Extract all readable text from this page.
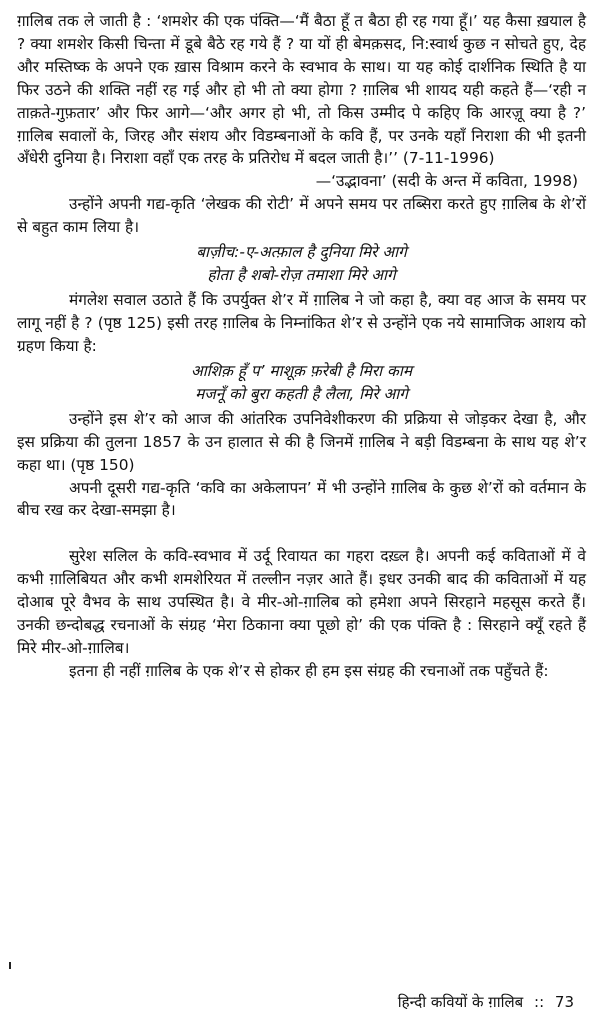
ग़ालिब तक ले जाती है : ‘शमशेर की एक पंक्ति—‘मैं बैठा हूँ त बैठा ही रह गया हूँ।’ यह कैसा ख़याल है ? क्या शमशेर किसी चिन्ता में डूबे बैठे रह गये हैं ? या यों ही बेमक़सद, नि:स्वार्थ कुछ न सोचते हुए, देह और मस्तिष्क के अपने एक ख़ास विश्राम करने के स्वभाव के साथ। या यह कोई दार्शनिक स्थिति है या फिर उठने की शक्ति नहीं रह गई और हो भी तो क्या होगा ? ग़ालिब भी शायद यही कहते हैं—‘रही न ताक़ते-गुफ़तार’ और फिर आगे—‘और अगर हो भी, तो किस उम्मीद पे कहिए कि आरज़ू क्या है ?’ ग़ालिब सवालों के, जिरह और संशय और विडम्बनाओं के कवि हैं, पर उनके यहाँ निराशा की भी इतनी अँधेरी दुनिया है। निराशा वहाँ एक तरह के प्रतिरोध में बदल जाती है।’’ (7-11-1996)

—‘उद्भावना’ (सदी के अन्त में कविता, 1998)

उन्होंने अपनी गद्य-कृति ‘लेखक की रोटी’ में अपने समय पर तब्सिरा करते हुए ग़ालिब के शे’रों से बहुत काम लिया है।

बाज़ीच:-ए-अत्फ़ाल है दुनिया मिरे आगे
होता है शबो-रोज़ तमाशा मिरे आगे

मंगलेश सवाल उठाते हैं कि उपर्युक्त शे’र में ग़ालिब ने जो कहा है, क्या वह आज के समय पर लागू नहीं है ? (पृष्ठ 125) इसी तरह ग़ालिब के निम्नांकित शे’र से उन्होंने एक नये सामाजिक आशय को ग्रहण किया है:

आशिक़ हूँ प’ माशूक़ फ़रेबी है मिरा काम
मजनूँ को बुरा कहती है लैला, मिरे आगे

उन्होंने इस शे’र को आज की आंतरिक उपनिवेशीकरण की प्रक्रिया से जोड़कर देखा है, और इस प्रक्रिया की तुलना 1857 के उन हालात से की है जिनमें ग़ालिब ने बड़ी विडम्बना के साथ यह शे’र कहा था। (पृष्ठ 150)

अपनी दूसरी गद्य-कृति ‘कवि का अकेलापन’ में भी उन्होंने ग़ालिब के कुछ शे’रों को वर्तमान के बीच रख कर देखा-समझा है।

सुरेश सलिल के कवि-स्वभाव में उर्दू रिवायत का गहरा दख़्ल है। अपनी कई कविताओं में वे कभी ग़ालिबियत और कभी शमशेरियत में तल्लीन नज़र आते हैं। इधर उनकी बाद की कविताओं में यह दोआब पूरे वैभव के साथ उपस्थित है। वे मीर-ओ-ग़ालिब को हमेशा अपने सिरहाने महसूस करते हैं। उनकी छन्दोबद्ध रचनाओं के संग्रह ‘मेरा ठिकाना क्या पूछो हो’ की एक पंक्ति है : सिरहाने क्यूँ रहते हैं मिरे मीर-ओ-ग़ालिब।

इतना ही नहीं ग़ालिब के एक शे’र से होकर ही हम इस संग्रह की रचनाओं तक पहुँचते हैं:

हिन्दी कवियों के ग़ालिब :: 73
